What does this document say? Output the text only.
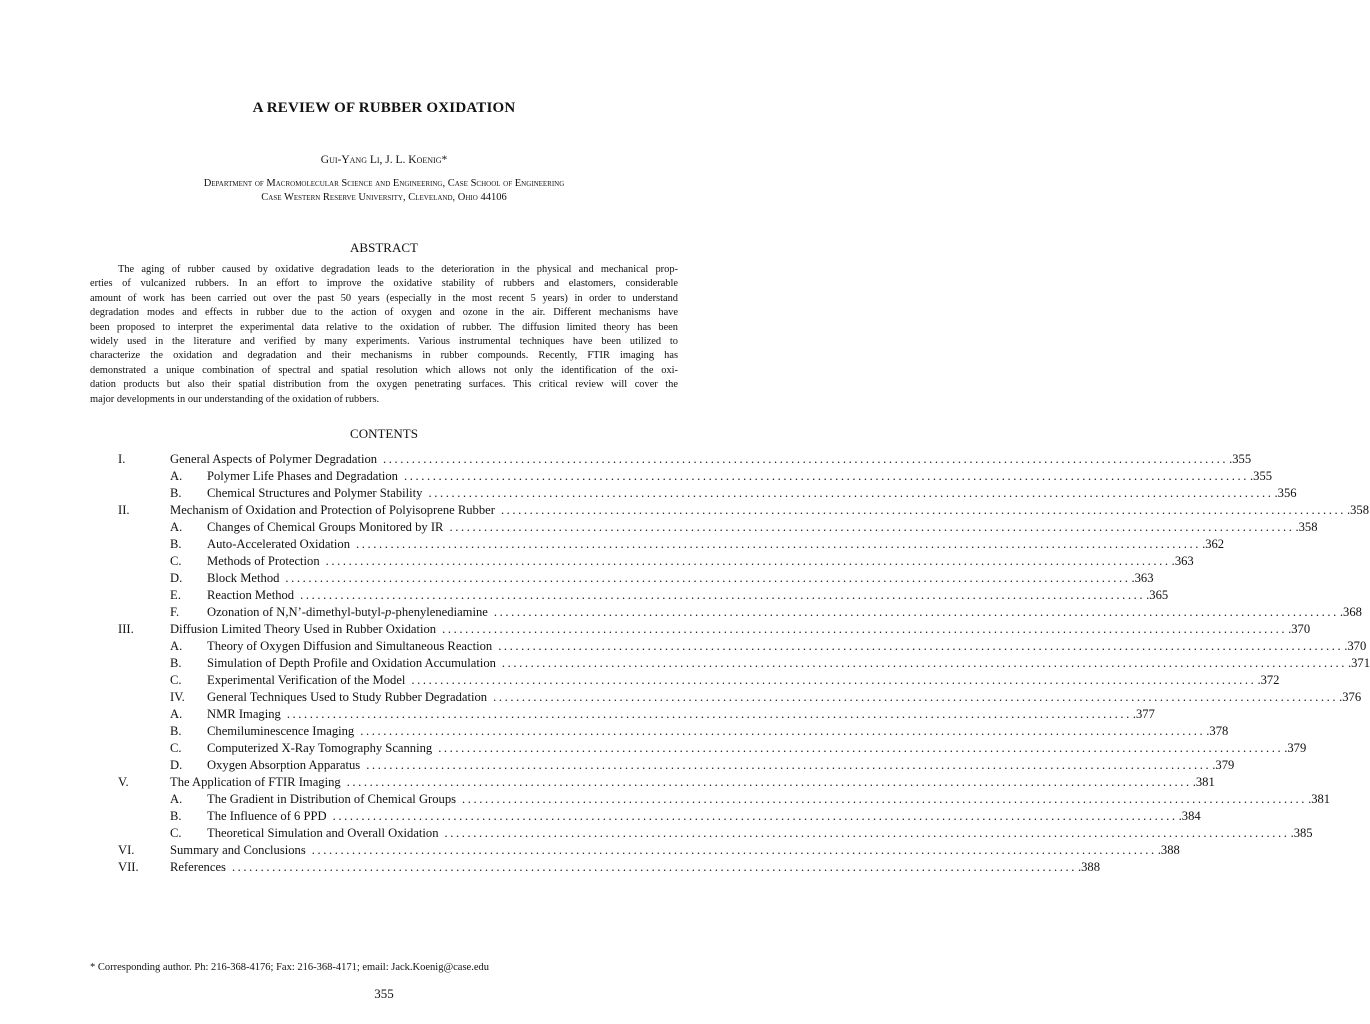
A REVIEW OF RUBBER OXIDATION
Gui-Yang Li, J. L. Koenig*
Department of Macromolecular Science and Engineering, Case School of Engineering
Case Western Reserve University, Cleveland, Ohio 44106
ABSTRACT
The aging of rubber caused by oxidative degradation leads to the deterioration in the physical and mechanical prop-
erties of vulcanized rubbers. In an effort to improve the oxidative stability of rubbers and elastomers, considerable
amount of work has been carried out over the past 50 years (especially in the most recent 5 years) in order to understand
degradation modes and effects in rubber due to the action of oxygen and ozone in the air. Different mechanisms have
been proposed to interpret the experimental data relative to the oxidation of rubber. The diffusion limited theory has been
widely used in the literature and verified by many experiments. Various instrumental techniques have been utilized to
characterize the oxidation and degradation and their mechanisms in rubber compounds. Recently, FTIR imaging has
demonstrated a unique combination of spectral and spatial resolution which allows not only the identification of the oxi-
dation products but also their spatial distribution from the oxygen penetrating surfaces. This critical review will cover the
major developments in our understanding of the oxidation of rubbers.
CONTENTS
I.	General Aspects of Polymer Degradation ................................................................................................................................................... .355
A. Polymer Life Phases and Degradation ................................................................................................................................................... .355
B. Chemical Structures and Polymer Stability ................................................................................................................................................... .356
II.	Mechanism of Oxidation and Protection of Polyisoprene Rubber ................................................................................................................................................... .358
A. Changes of Chemical Groups Monitored by IR ................................................................................................................................................... .358
B. Auto-Accelerated Oxidation ................................................................................................................................................... .362
C. Methods of Protection ................................................................................................................................................... .363
D. Block Method ................................................................................................................................................... .363
E. Reaction Method ................................................................................................................................................... .365
F. Ozonation of N,N’-dimethyl-butyl-p-phenylenediamine ................................................................................................................................................... .368
III.	Diffusion Limited Theory Used in Rubber Oxidation ................................................................................................................................................... .370
A. Theory of Oxygen Diffusion and Simultaneous Reaction ................................................................................................................................................... .370
B. Simulation of Depth Profile and Oxidation Accumulation ................................................................................................................................................... .371
C. Experimental Verification of the Model ................................................................................................................................................... .372
IV. General Techniques Used to Study Rubber Degradation ................................................................................................................................................... .376
A. NMR Imaging ................................................................................................................................................... .377
B. Chemiluminescence Imaging ................................................................................................................................................... .378
C. Computerized X-Ray Tomography Scanning ................................................................................................................................................... .379
D. Oxygen Absorption Apparatus ................................................................................................................................................... .379
V.	The Application of FTIR Imaging ................................................................................................................................................... .381
A. The Gradient in Distribution of Chemical Groups ................................................................................................................................................... .381
B. The Influence of 6 PPD ................................................................................................................................................... .384
C. Theoretical Simulation and Overall Oxidation ................................................................................................................................................... .385
VI.	Summary and Conclusions ................................................................................................................................................... .388
VII. References ................................................................................................................................................... .388
* Corresponding author. Ph: 216-368-4176; Fax: 216-368-4171; email: Jack.Koenig@case.edu
355
